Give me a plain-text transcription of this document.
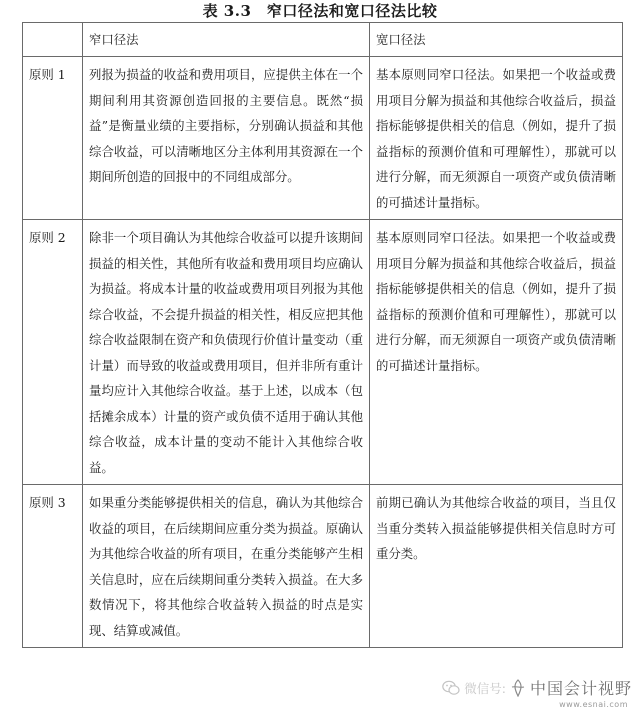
表 3.3　窄口径法和宽口径法比较
	窄口径法	宽口径法

原则 1	列报为损益的收益和费用项目，应提供主体在一个期间利用其资源创造回报的主要信息。既然“损益”是衡量业绩的主要指标，分别确认损益和其他综合收益，可以清晰地区分主体利用其资源在一个期间所创造的回报中的不同组成部分。	基本原则同窄口径法。如果把一个收益或费用项目分解为损益和其他综合收益后，损益指标能够提供相关的信息（例如，提升了损益指标的预测价值和可理解性），那就可以进行分解，而无须源自一项资产或负债清晰的可描述计量指标。

原则 2	除非一个项目确认为其他综合收益可以提升该期间损益的相关性，其他所有收益和费用项目均应确认为损益。将成本计量的收益或费用项目列报为其他综合收益，不会提升损益的相关性，相反应把其他综合收益限制在资产和负债现行价值计量变动（重计量）而导致的收益或费用项目，但并非所有重计量均应计入其他综合收益。基于上述，以成本（包括摊余成本）计量的资产或负债不适用于确认其他综合收益，成本计量的变动不能计入其他综合收益。	基本原则同窄口径法。如果把一个收益或费用项目分解为损益和其他综合收益后，损益指标能够提供相关的信息（例如，提升了损益指标的预测价值和可理解性），那就可以进行分解，而无须源自一项资产或负债清晰的可描述计量指标。

原则 3	如果重分类能够提供相关的信息，确认为其他综合收益的项目，在后续期间应重分类为损益。原确认为其他综合收益的所有项目，在重分类能够产生相关信息时，应在后续期间重分类转入损益。在大多数情况下，将其他综合收益转入损益的时点是实现、结算或减值。	前期已确认为其他综合收益的项目，当且仅当重分类转入损益能够提供相关信息时方可重分类。
微信号: 中国会计视野
www.esnai.com
